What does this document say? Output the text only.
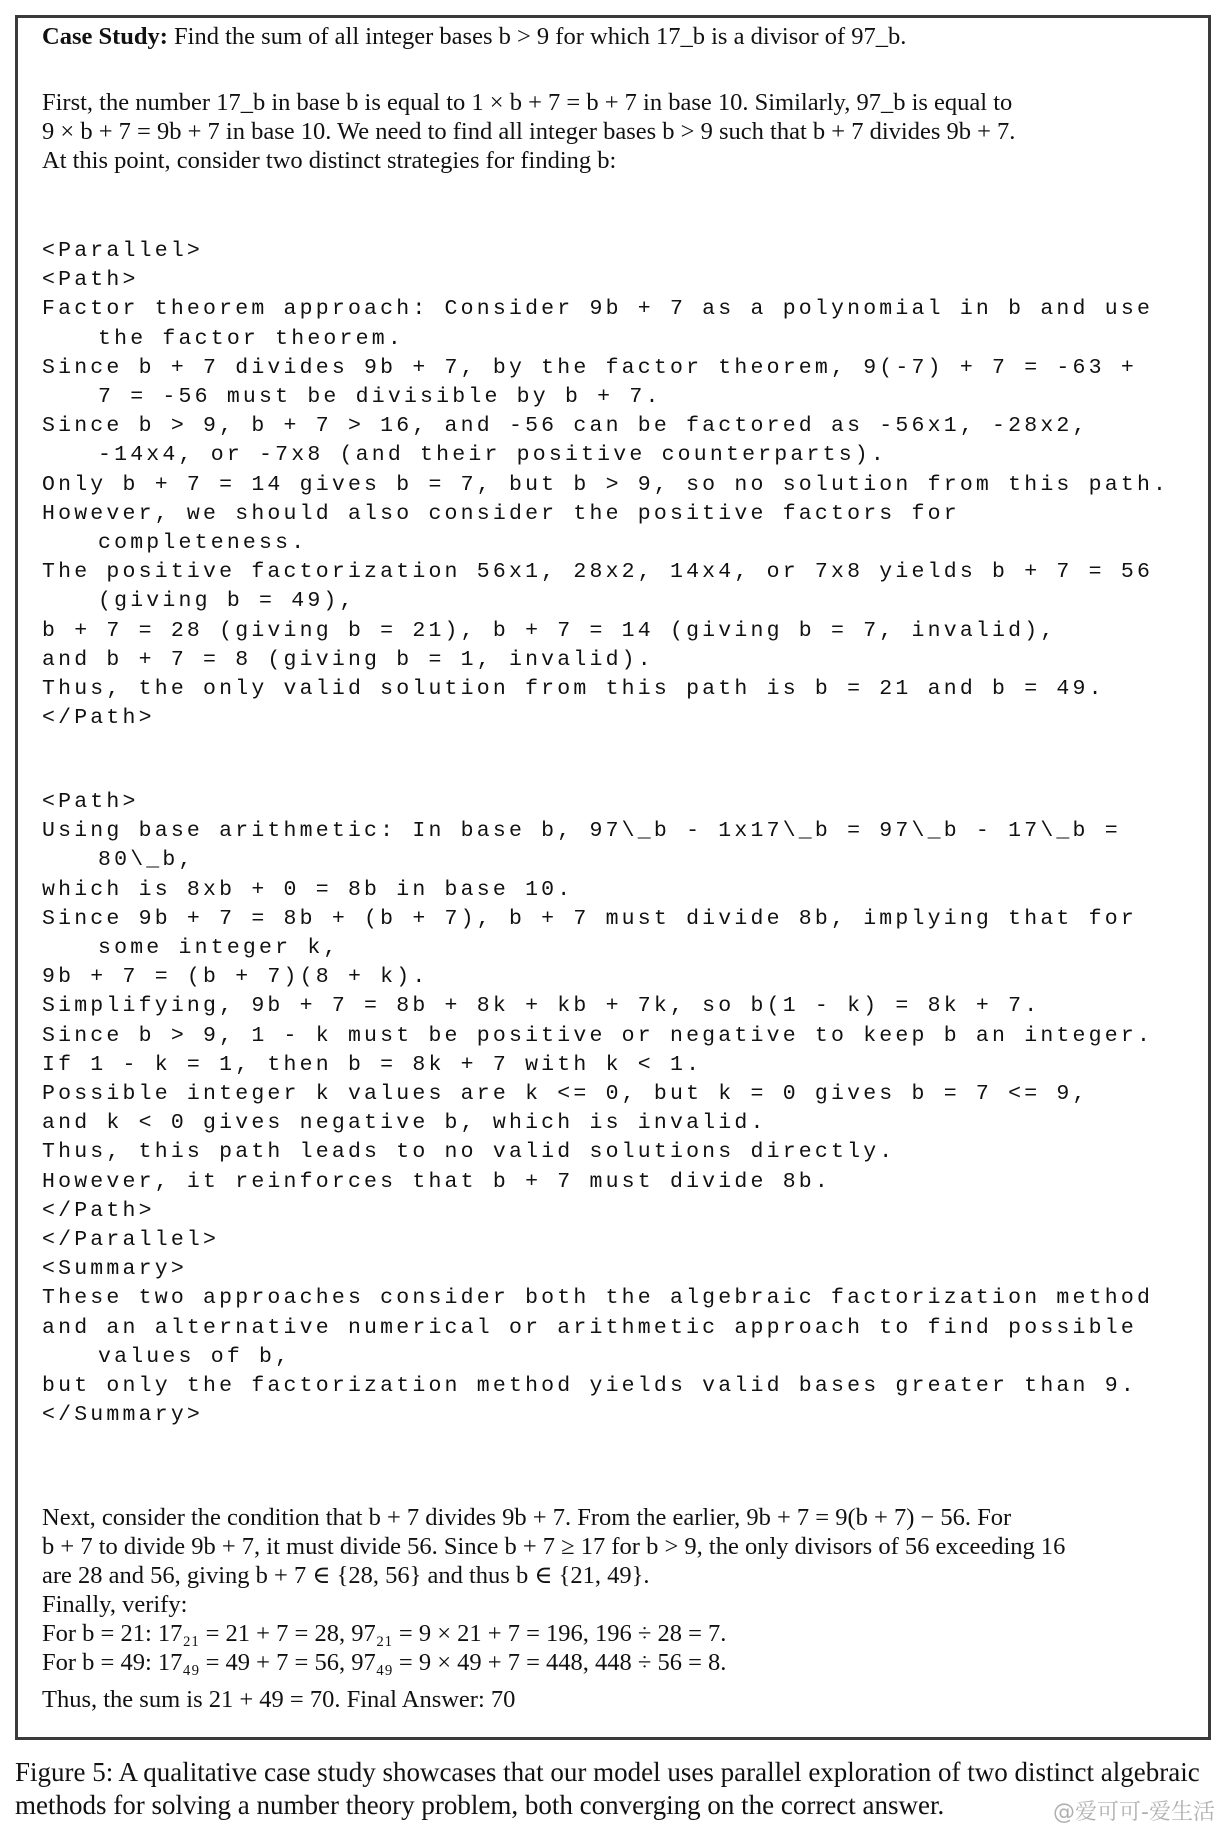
Case Study: Find the sum of all integer bases b > 9 for which 17_b is a divisor of 97_b.

First, the number 17_b in base b is equal to 1 × b + 7 = b + 7 in base 10. Similarly, 97_b is equal to

9 × b + 7 = 9b + 7 in base 10. We need to find all integer bases b > 9 such that b + 7 divides 9b + 7.

At this point, consider two distinct strategies for finding b:

<Parallel>
<Path>
Factor theorem approach: Consider 9b + 7 as a polynomial in b and use
the factor theorem.
Since b + 7 divides 9b + 7, by the factor theorem, 9(-7) + 7 = -63 +
7 = -56 must be divisible by b + 7.
Since b > 9, b + 7 > 16, and -56 can be factored as -56x1, -28x2,
-14x4, or -7x8 (and their positive counterparts).
Only b + 7 = 14 gives b = 7, but b > 9, so no solution from this path.
However, we should also consider the positive factors for
completeness.
The positive factorization 56x1, 28x2, 14x4, or 7x8 yields b + 7 = 56
(giving b = 49),
b + 7 = 28 (giving b = 21), b + 7 = 14 (giving b = 7, invalid),
and b + 7 = 8 (giving b = 1, invalid).
Thus, the only valid solution from this path is b = 21 and b = 49.
</Path>
<Path>
Using base arithmetic: In base b, 97\_b - 1x17\_b = 97\_b - 17\_b =
80\_b,
which is 8xb + 0 = 8b in base 10.
Since 9b + 7 = 8b + (b + 7), b + 7 must divide 8b, implying that for
some integer k,
9b + 7 = (b + 7)(8 + k).
Simplifying, 9b + 7 = 8b + 8k + kb + 7k, so b(1 - k) = 8k + 7.
Since b > 9, 1 - k must be positive or negative to keep b an integer.
If 1 - k = 1, then b = 8k + 7 with k < 1.
Possible integer k values are k <= 0, but k = 0 gives b = 7 <= 9,
and k < 0 gives negative b, which is invalid.
Thus, this path leads to no valid solutions directly.
However, it reinforces that b + 7 must divide 8b.
</Path>
</Parallel>
<Summary>
These two approaches consider both the algebraic factorization method
and an alternative numerical or arithmetic approach to find possible
values of b,
but only the factorization method yields valid bases greater than 9.
</Summary>

Next, consider the condition that b + 7 divides 9b + 7. From the earlier, 9b + 7 = 9(b + 7) − 56. For

b + 7 to divide 9b + 7, it must divide 56. Since b + 7 ≥ 17 for b > 9, the only divisors of 56 exceeding 16

are 28 and 56, giving b + 7 ∈ {28, 56} and thus b ∈ {21, 49}.

Finally, verify:

For b = 21: 17₂₁ = 21 + 7 = 28, 97₂₁ = 9 × 21 + 7 = 196, 196 ÷ 28 = 7.

For b = 49: 17₄₉ = 49 + 7 = 56, 97₄₉ = 9 × 49 + 7 = 448, 448 ÷ 56 = 8.

Thus, the sum is 21 + 49 = 70. Final Answer: 70

Figure 5: A qualitative case study showcases that our model uses parallel exploration of two distinct algebraic methods for solving a number theory problem, both converging on the correct answer.	@爱可可-爱生活
